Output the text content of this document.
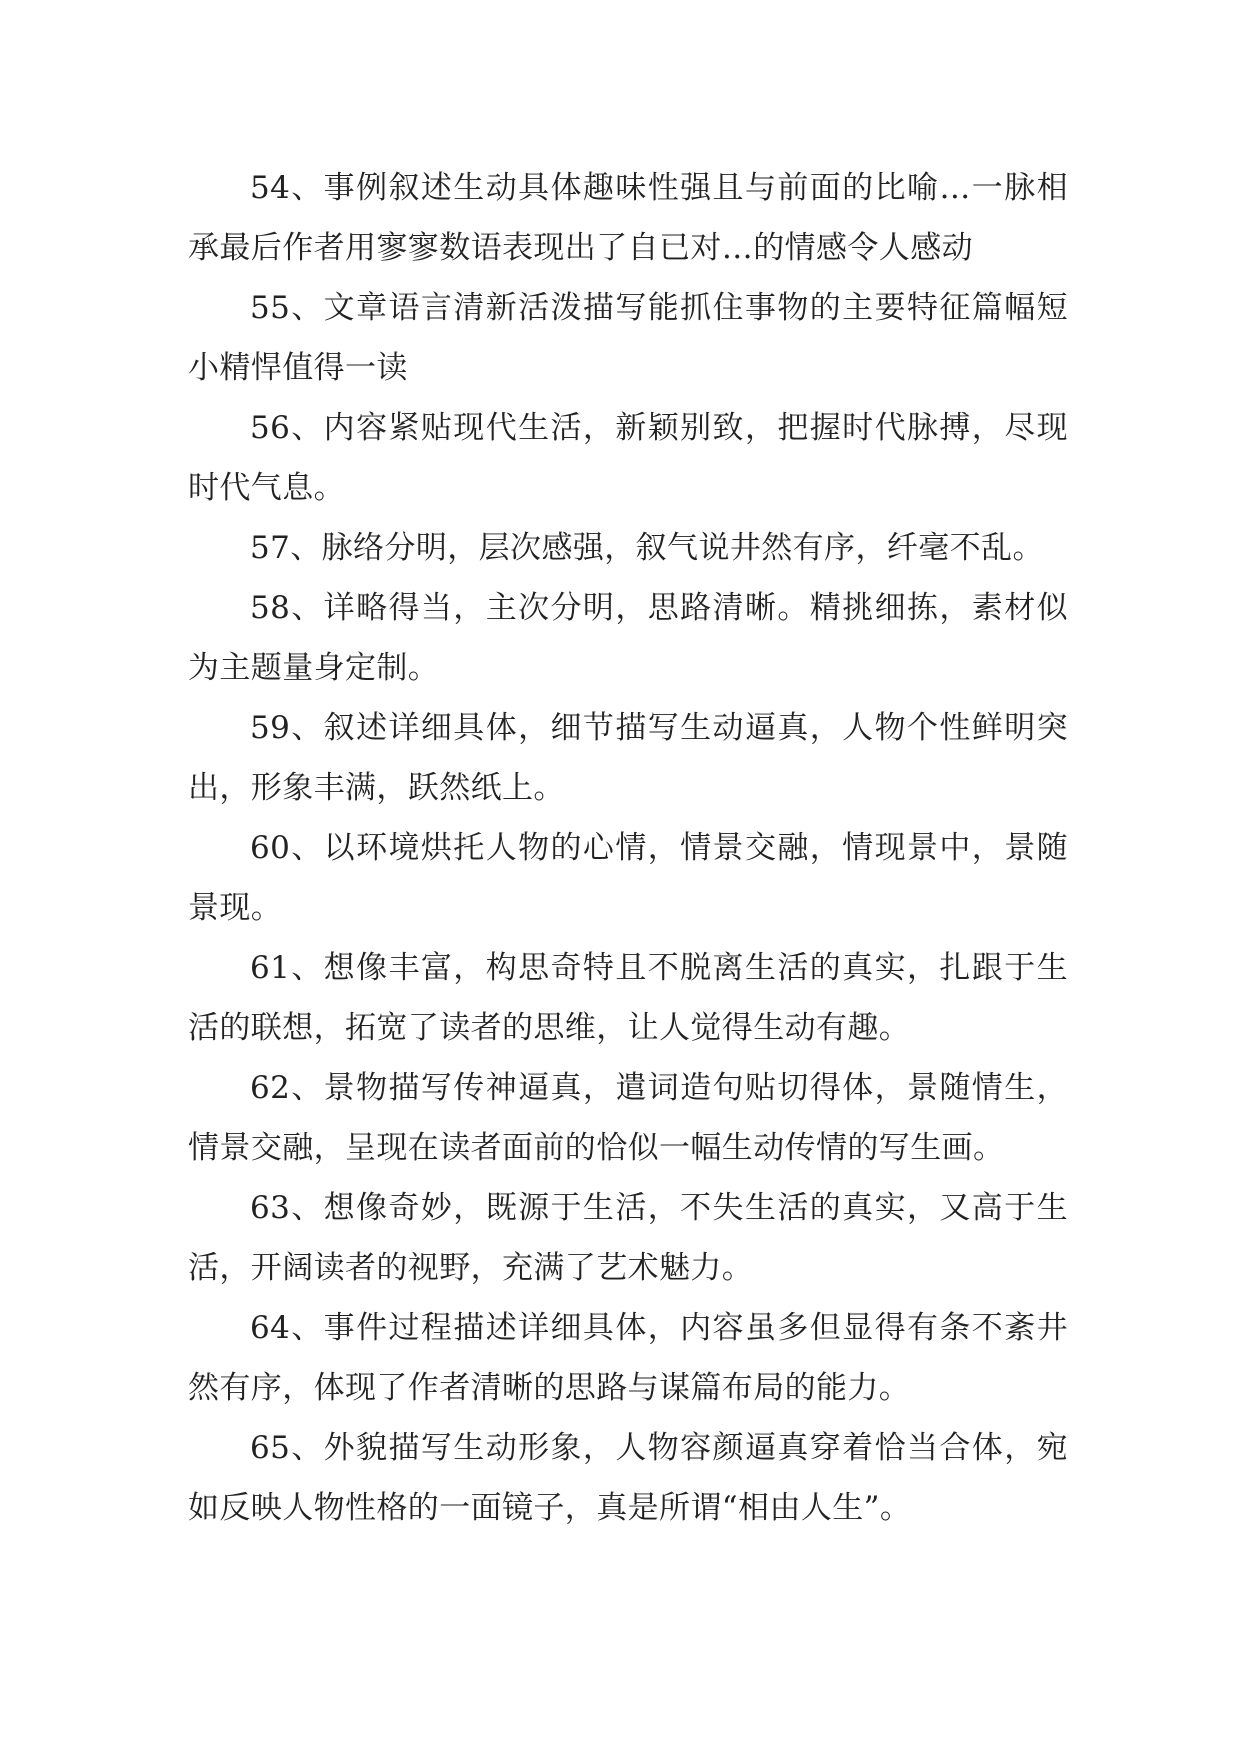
54、事例叙述生动具体趣味性强且与前面的比喻…一脉相承最后作者用寥寥数语表现出了自已对…的情感令人感动

55、文章语言清新活泼描写能抓住事物的主要特征篇幅短小精悍值得一读

56、内容紧贴现代生活，新颖别致，把握时代脉搏，尽现时代气息。

57、脉络分明，层次感强，叙气说井然有序，纤毫不乱。

58、详略得当，主次分明，思路清晰。精挑细拣，素材似为主题量身定制。

59、叙述详细具体，细节描写生动逼真，人物个性鲜明突出，形象丰满，跃然纸上。

60、以环境烘托人物的心情，情景交融，情现景中，景随景现。

61、想像丰富，构思奇特且不脱离生活的真实，扎跟于生活的联想，拓宽了读者的思维，让人觉得生动有趣。

62、景物描写传神逼真，遣词造句贴切得体，景随情生，情景交融，呈现在读者面前的恰似一幅生动传情的写生画。

63、想像奇妙，既源于生活，不失生活的真实，又高于生活，开阔读者的视野，充满了艺术魅力。

64、事件过程描述详细具体，内容虽多但显得有条不紊井然有序，体现了作者清晰的思路与谋篇布局的能力。

65、外貌描写生动形象，人物容颜逼真穿着恰当合体，宛如反映人物性格的一面镜子，真是所谓“相由人生”。
